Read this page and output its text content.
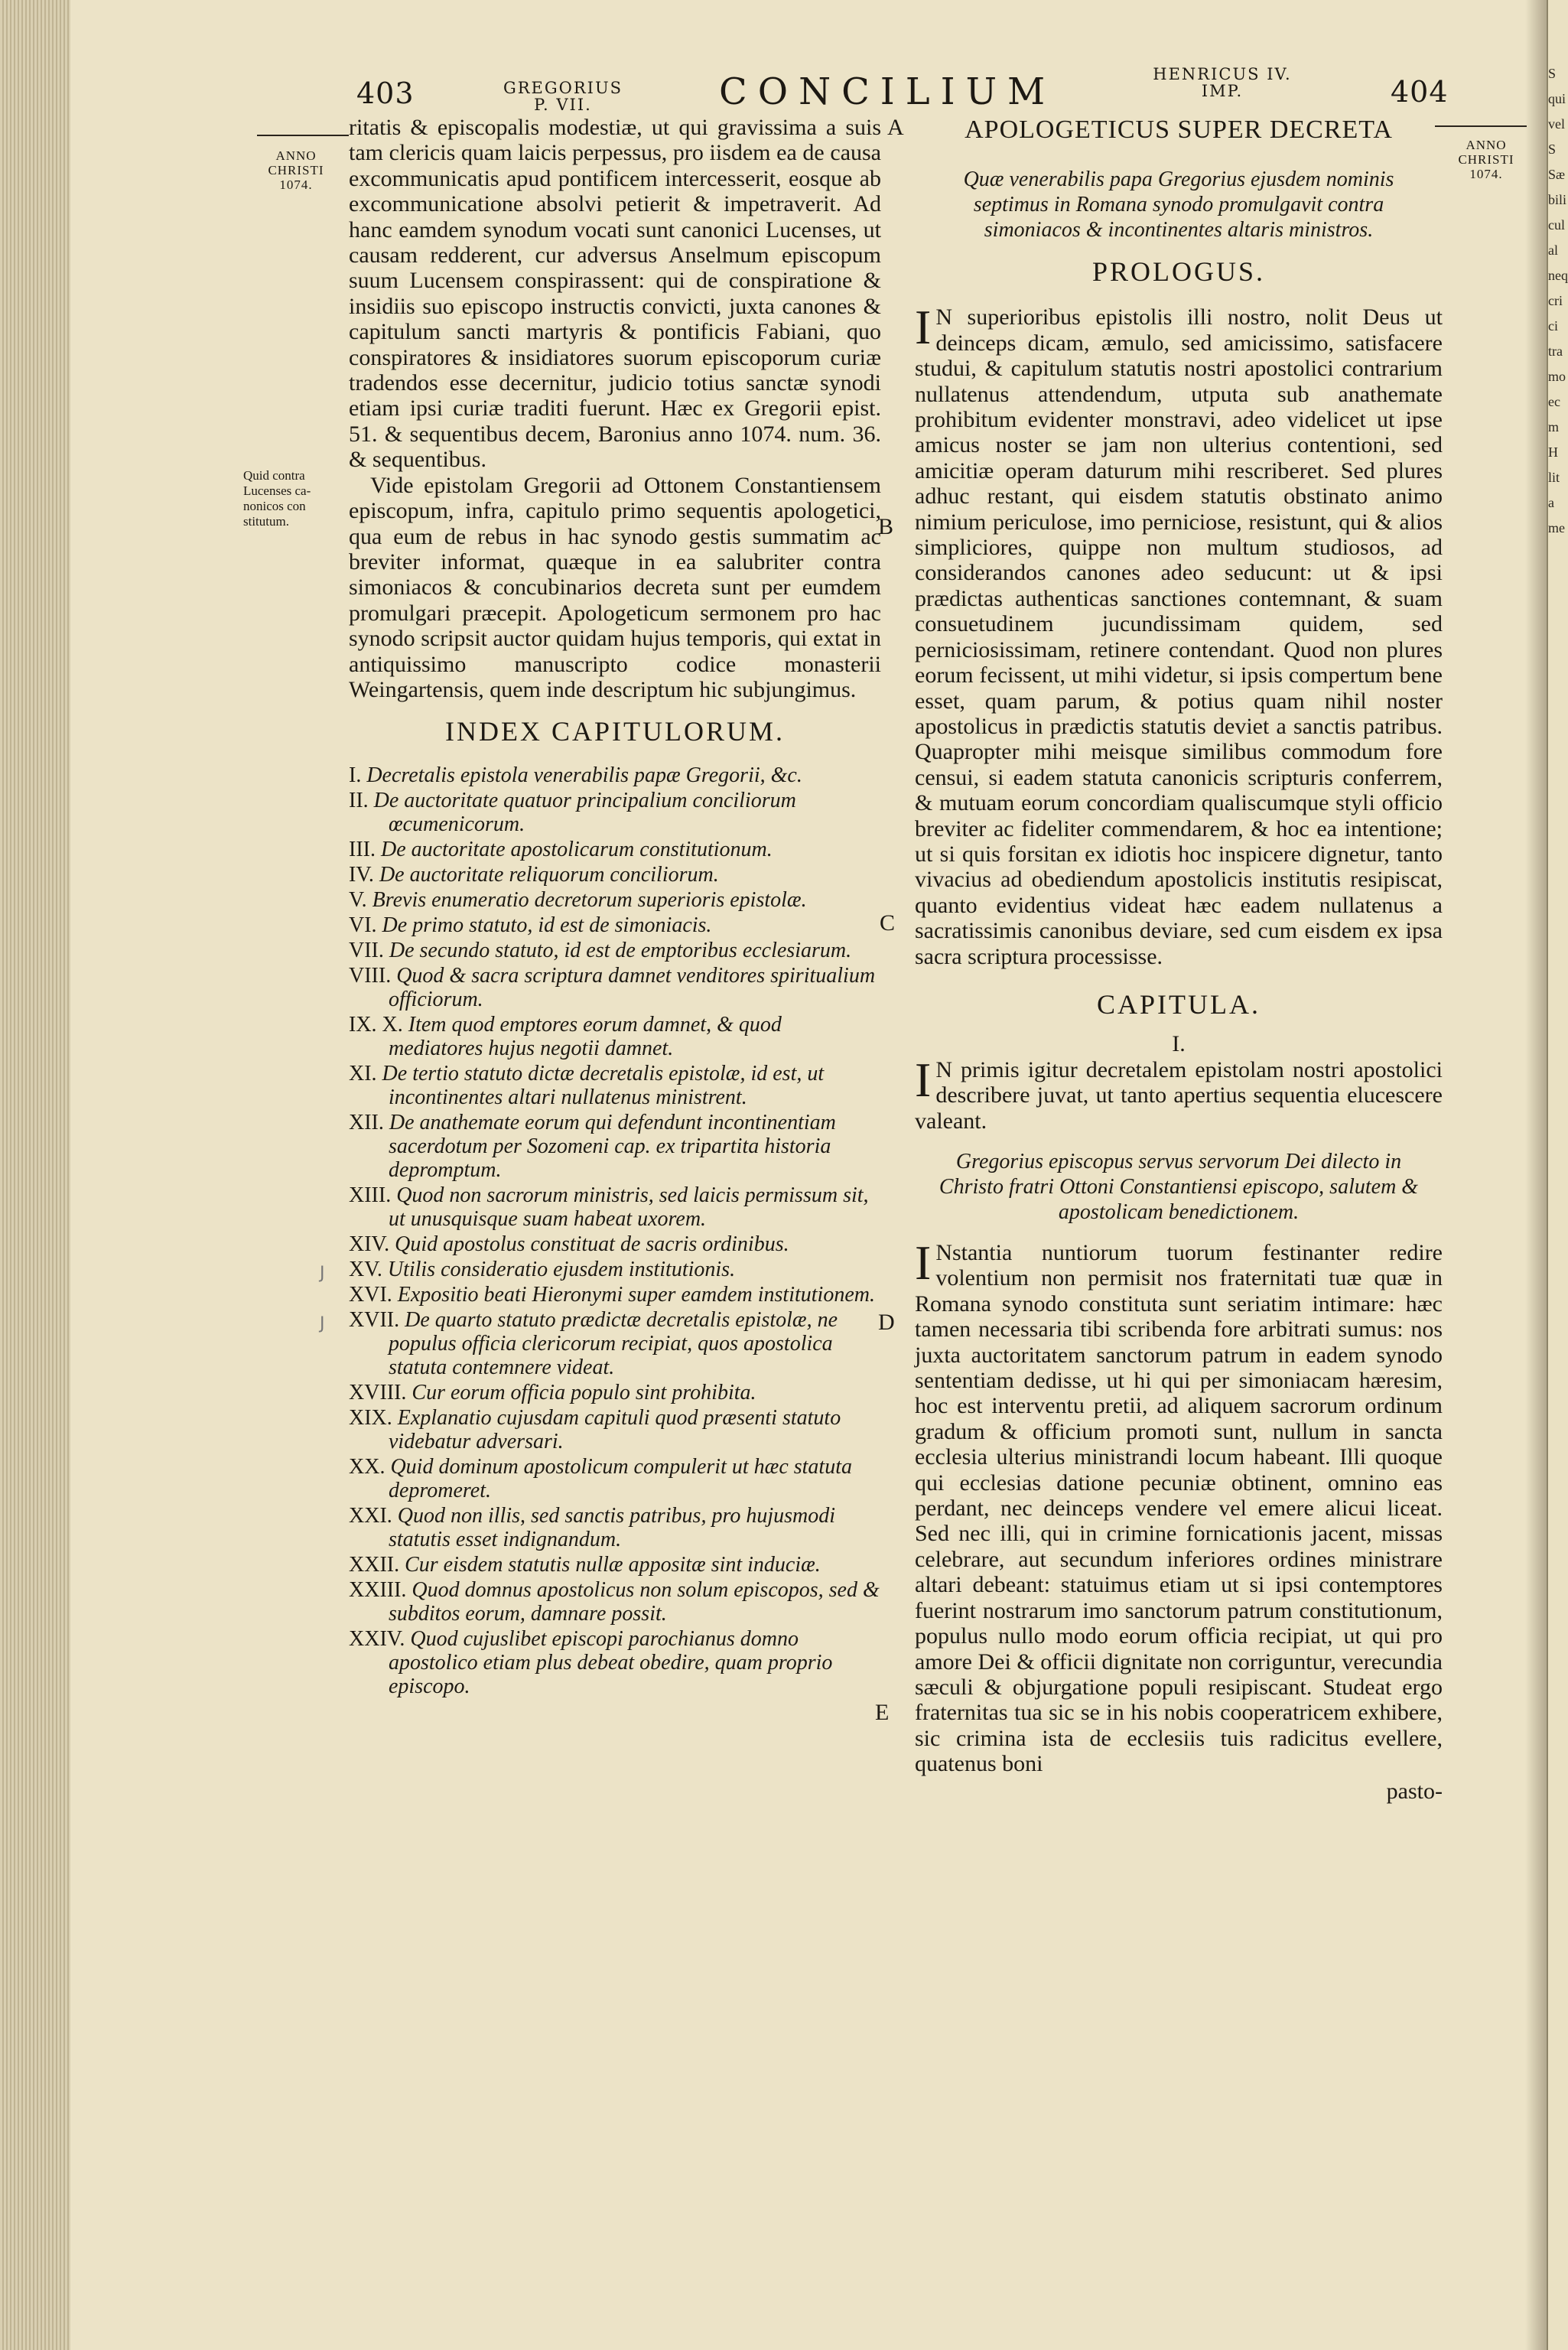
S
qui
vel
S
Sæ
bili
cul
al
neq
cri
ci
tra
mo
ec
m
H
lit
a
me
403	GREGORIUS
P. VII.	CONCILIUM	HENRICUS IV.
IMP.	404
ANNO
CHRISTI
1074.
Quid contra
Lucenses ca-
nonicos con
stitutum.
ANNO
CHRISTI
1074.
A
B
C
D
E
J
J

ritatis & episcopalis modestiæ, ut qui gravissima a suis tam clericis quam laicis perpessus, pro iisdem ea de causa excommunicatis apud pontificem intercesserit, eosque ab excommunicatione absolvi petierit & impetraverit. Ad hanc eamdem synodum vocati sunt canonici Lucenses, ut causam redderent, cur adversus Anselmum episcopum suum Lucensem conspirassent: qui de conspiratione & insidiis suo episcopo instructis convicti, juxta canones & capitulum sancti martyris & pontificis Fabiani, quo conspiratores & insidiatores suorum episcoporum curiæ tradendos esse decernitur, judicio totius sanctæ synodi etiam ipsi curiæ traditi fuerunt. Hæc ex Gregorii epist. 51. & sequentibus decem, Baronius anno 1074. num. 36. & sequentibus.

Vide epistolam Gregorii ad Ottonem Constantiensem episcopum, infra, capitulo primo sequentis apologetici, qua eum de rebus in hac synodo gestis summatim ac breviter informat, quæque in ea salubriter contra simoniacos & concubinarios decreta sunt per eumdem promulgari præcepit. Apologeticum sermonem pro hac synodo scripsit auctor quidam hujus temporis, qui extat in antiquissimo manuscripto codice monasterii Weingartensis, quem inde descriptum hic subjungimus.

INDEX CAPITULORUM.

I. Decretalis epistola venerabilis papæ Gregorii, &c.
II. De auctoritate quatuor principalium conciliorum œcumenicorum.
III. De auctoritate apostolicarum constitutionum.
IV. De auctoritate reliquorum conciliorum.
V. Brevis enumeratio decretorum superioris epistolæ.
VI. De primo statuto, id est de simoniacis.
VII. De secundo statuto, id est de emptoribus ecclesiarum.
VIII. Quod & sacra scriptura damnet venditores spiritualium officiorum.
IX. X. Item quod emptores eorum damnet, & quod mediatores hujus negotii damnet.
XI. De tertio statuto dictæ decretalis epistolæ, id est, ut incontinentes altari nullatenus ministrent.
XII. De anathemate eorum qui defendunt incontinentiam sacerdotum per Sozomeni cap. ex tripartita historia depromptum.
XIII. Quod non sacrorum ministris, sed laicis permissum sit, ut unusquisque suam habeat uxorem.
XIV. Quid apostolus constituat de sacris ordinibus.
XV. Utilis consideratio ejusdem institutionis.
XVI. Expositio beati Hieronymi super eamdem institutionem.
XVII. De quarto statuto prædictæ decretalis epistolæ, ne populus officia clericorum recipiat, quos apostolica statuta contemnere videat.
XVIII. Cur eorum officia populo sint prohibita.
XIX. Explanatio cujusdam capituli quod præsenti statuto videbatur adversari.
XX. Quid dominum apostolicum compulerit ut hæc statuta depromeret.
XXI. Quod non illis, sed sanctis patribus, pro hujusmodi statutis esset indignandum.
XXII. Cur eisdem statutis nullæ appositæ sint induciæ.
XXIII. Quod domnus apostolicus non solum episcopos, sed & subditos eorum, damnare possit.
XXIV. Quod cujuslibet episcopi parochianus domno apostolico etiam plus debeat obedire, quam proprio episcopo.

APOLOGETICUS SUPER DECRETA

Quæ venerabilis papa Gregorius ejusdem nominis septimus in Romana synodo promulgavit contra simoniacos & incontinentes altaris ministros.

PROLOGUS.

I N superioribus epistolis illi nostro, nolit Deus ut deinceps dicam, æmulo, sed amicissimo, satisfacere studui, & capitulum statutis nostri apostolici contrarium nullatenus attendendum, utputa sub anathemate prohibitum evidenter monstravi, adeo videlicet ut ipse amicus noster se jam non ulterius contentioni, sed amicitiæ operam daturum mihi rescriberet. Sed plures adhuc restant, qui eisdem statutis obstinato animo nimium periculose, imo perniciose, resistunt, qui & alios simpliciores, quippe non multum studiosos, ad considerandos canones adeo seducunt: ut & ipsi prædictas authenticas sanctiones contemnant, & suam consuetudinem jucundissimam quidem, sed perniciosissimam, retinere contendant. Quod non plures eorum fecissent, ut mihi videtur, si ipsis compertum bene esset, quam parum, & potius quam nihil noster apostolicus in prædictis statutis deviet a sanctis patribus. Quapropter mihi meisque similibus commodum fore censui, si eadem statuta canonicis scripturis conferrem, & mutuam eorum concordiam qualiscumque styli officio breviter ac fideliter commendarem, & hoc ea intentione; ut si quis forsitan ex idiotis hoc inspicere dignetur, tanto vivacius ad obediendum apostolicis institutis resipiscat, quanto evidentius videat hæc eadem nullatenus a sacratissimis canonibus deviare, sed cum eisdem ex ipsa sacra scriptura processisse.

CAPITULA.

I.

I N primis igitur decretalem epistolam nostri apostolici describere juvat, ut tanto apertius sequentia elucescere valeant.

Gregorius episcopus servus servorum Dei dilecto in Christo fratri Ottoni Constantiensi episcopo, salutem & apostolicam benedictionem.

I Nstantia nuntiorum tuorum festinanter redire volentium non permisit nos fraternitati tuæ quæ in Romana synodo constituta sunt seriatim intimare: hæc tamen necessaria tibi scribenda fore arbitrati sumus: nos juxta auctoritatem sanctorum patrum in eadem synodo sententiam dedisse, ut hi qui per simoniacam hæresim, hoc est interventu pretii, ad aliquem sacrorum ordinum gradum & officium promoti sunt, nullum in sancta ecclesia ulterius ministrandi locum habeant. Illi quoque qui ecclesias datione pecuniæ obtinent, omnino eas perdant, nec deinceps vendere vel emere alicui liceat. Sed nec illi, qui in crimine fornicationis jacent, missas celebrare, aut secundum inferiores ordines ministrare altari debeant: statuimus etiam ut si ipsi contemptores fuerint nostrarum imo sanctorum patrum constitutionum, populus nullo modo eorum officia recipiat, ut qui pro amore Dei & officii dignitate non corriguntur, verecundia sæculi & objurgatione populi resipiscant. Studeat ergo fraternitas tua sic se in his nobis cooperatricem exhibere, sic crimina ista de ecclesiis tuis radicitus evellere, quatenus boni

pasto-
